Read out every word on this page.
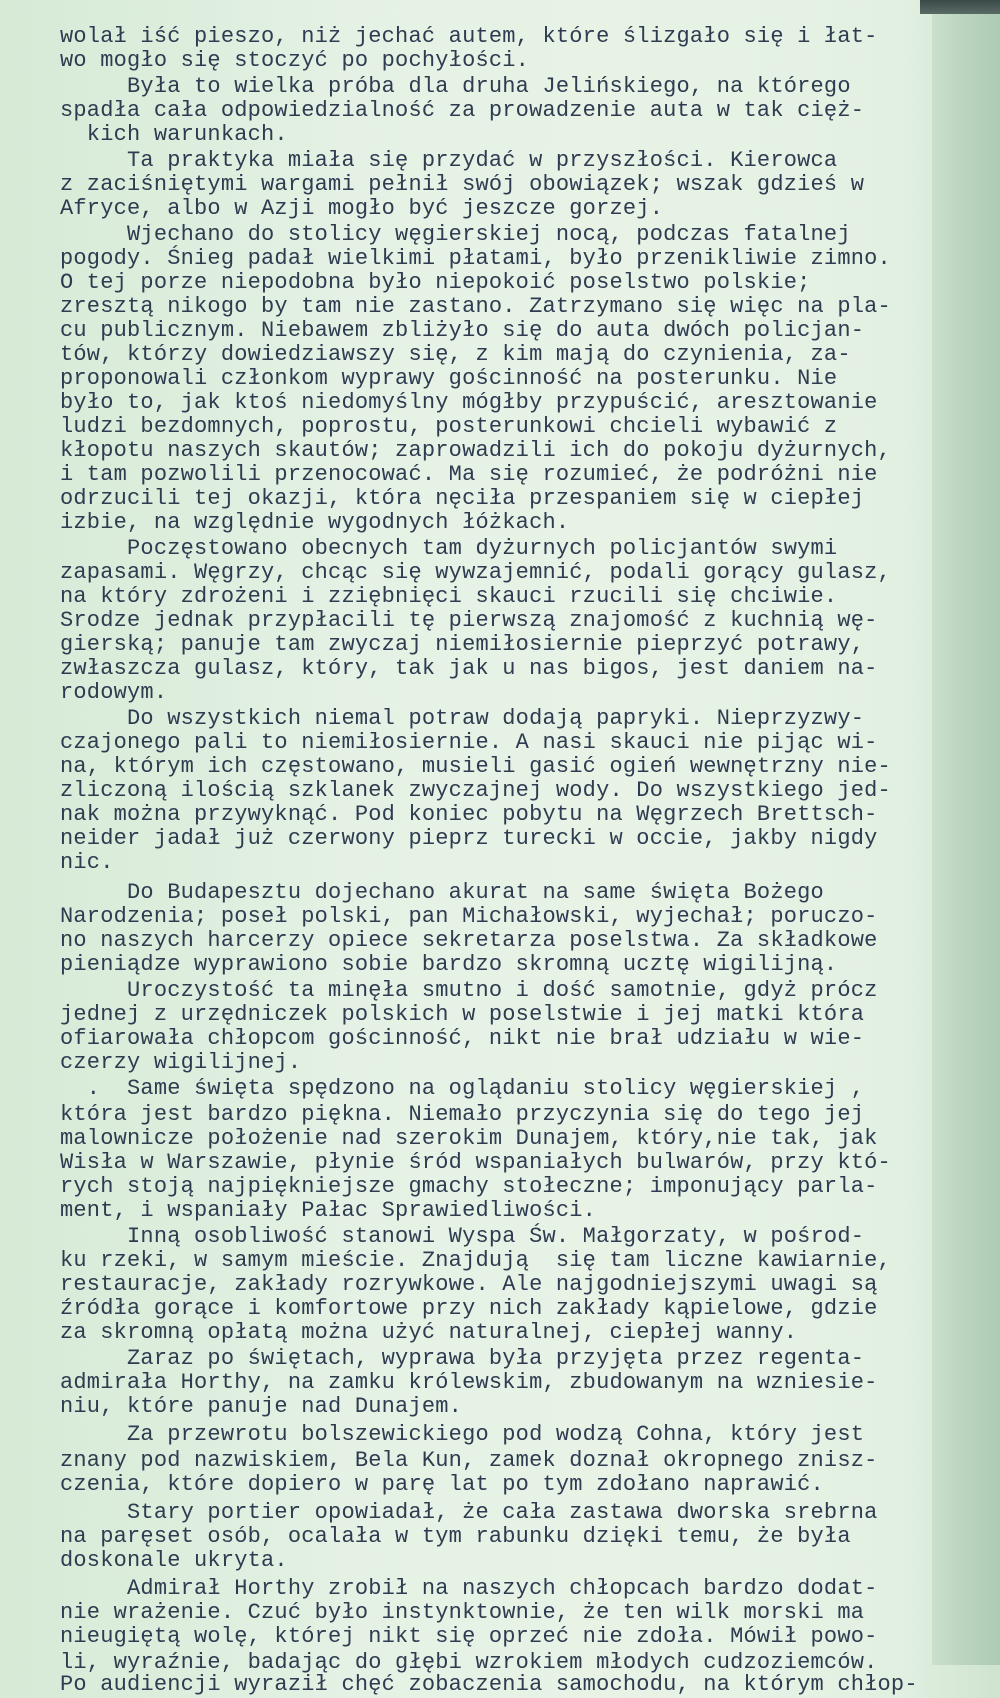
wolał iść pieszo, niż jechać autem, które ślizgało się i łat-
wo mogło się stoczyć po pochyłości.
Była to wielka próba dla druha Jelińskiego, na którego
spadła cała odpowiedzialność za prowadzenie auta w tak cięż-
kich warunkach.
Ta praktyka miała się przydać w przyszłości. Kierowca
z zaciśniętymi wargami pełnił swój obowiązek; wszak gdzieś w
Afryce, albo w Azji mogło być jeszcze gorzej.
Wjechano do stolicy węgierskiej nocą, podczas fatalnej
pogody. Śnieg padał wielkimi płatami, było przenikliwie zimno.
O tej porze niepodobna było niepokoić poselstwo polskie;
zresztą nikogo by tam nie zastano. Zatrzymano się więc na pla-
cu publicznym. Niebawem zbliżyło się do auta dwóch policjan-
tów, którzy dowiedziawszy się, z kim mają do czynienia, za-
proponowali członkom wyprawy gościnność na posterunku. Nie
było to, jak ktoś niedomyślny mógłby przypuścić, aresztowanie
ludzi bezdomnych, poprostu, posterunkowi chcieli wybawić z
kłopotu naszych skautów; zaprowadzili ich do pokoju dyżurnych,
i tam pozwolili przenocować. Ma się rozumieć, że podróżni nie
odrzucili tej okazji, która nęciła przespaniem się w ciepłej
izbie, na względnie wygodnych łóżkach.
Poczęstowano obecnych tam dyżurnych policjantów swymi
zapasami. Węgrzy, chcąc się wywzajemnić, podali gorący gulasz,
na który zdrożeni i zziębnięci skauci rzucili się chciwie.
Srodze jednak przypłacili tę pierwszą znajomość z kuchnią wę-
gierską; panuje tam zwyczaj niemiłosiernie pieprzyć potrawy,
zwłaszcza gulasz, który, tak jak u nas bigos, jest daniem na-
rodowym.
Do wszystkich niemal potraw dodają papryki. Nieprzyzwy-
czajonego pali to niemiłosiernie. A nasi skauci nie pijąc wi-
na, którym ich częstowano, musieli gasić ogień wewnętrzny nie-
zliczoną ilością szklanek zwyczajnej wody. Do wszystkiego jed-
nak można przywyknąć. Pod koniec pobytu na Węgrzech Brettsch-
neider jadał już czerwony pieprz turecki w occie, jakby nigdy
nic.
Do Budapesztu dojechano akurat na same święta Bożego
Narodzenia; poseł polski, pan Michałowski, wyjechał; poruczo-
no naszych harcerzy opiece sekretarza poselstwa. Za składkowe
pieniądze wyprawiono sobie bardzo skromną ucztę wigilijną.
Uroczystość ta minęła smutno i dość samotnie, gdyż prócz
jednej z urzędniczek polskich w poselstwie i jej matki która
ofiarowała chłopcom gościnność, nikt nie brał udziału w wie-
czerzy wigilijnej.
.  Same święta spędzono na oglądaniu stolicy węgierskiej ,
która jest bardzo piękna. Niemało przyczynia się do tego jej
malownicze położenie nad szerokim Dunajem, który,nie tak, jak
Wisła w Warszawie, płynie śród wspaniałych bulwarów, przy któ-
rych stoją najpiękniejsze gmachy stołeczne; imponujący parla-
ment, i wspaniały Pałac Sprawiedliwości.
Inną osobliwość stanowi Wyspa Św. Małgorzaty, w pośrod-
ku rzeki, w samym mieście. Znajdują  się tam liczne kawiarnie,
restauracje, zakłady rozrywkowe. Ale najgodniejszymi uwagi są
źródła gorące i komfortowe przy nich zakłady kąpielowe, gdzie
za skromną opłatą można użyć naturalnej, ciepłej wanny.
Zaraz po świętach, wyprawa była przyjęta przez regenta-
admirała Horthy, na zamku królewskim, zbudowanym na wzniesie-
niu, które panuje nad Dunajem.
Za przewrotu bolszewickiego pod wodzą Cohna, który jest
znany pod nazwiskiem, Bela Kun, zamek doznał okropnego znisz-
czenia, które dopiero w parę lat po tym zdołano naprawić.
Stary portier opowiadał, że cała zastawa dworska srebrna
na paręset osób, ocalała w tym rabunku dzięki temu, że była
doskonale ukryta.
Admirał Horthy zrobił na naszych chłopcach bardzo dodat-
nie wrażenie. Czuć było instynktownie, że ten wilk morski ma
nieugiętą wolę, której nikt się oprzeć nie zdoła. Mówił powo-
li, wyraźnie, badając do głębi wzrokiem młodych cudzoziemców.
Po audiencji wyraził chęć zobaczenia samochodu, na którym chłop-
